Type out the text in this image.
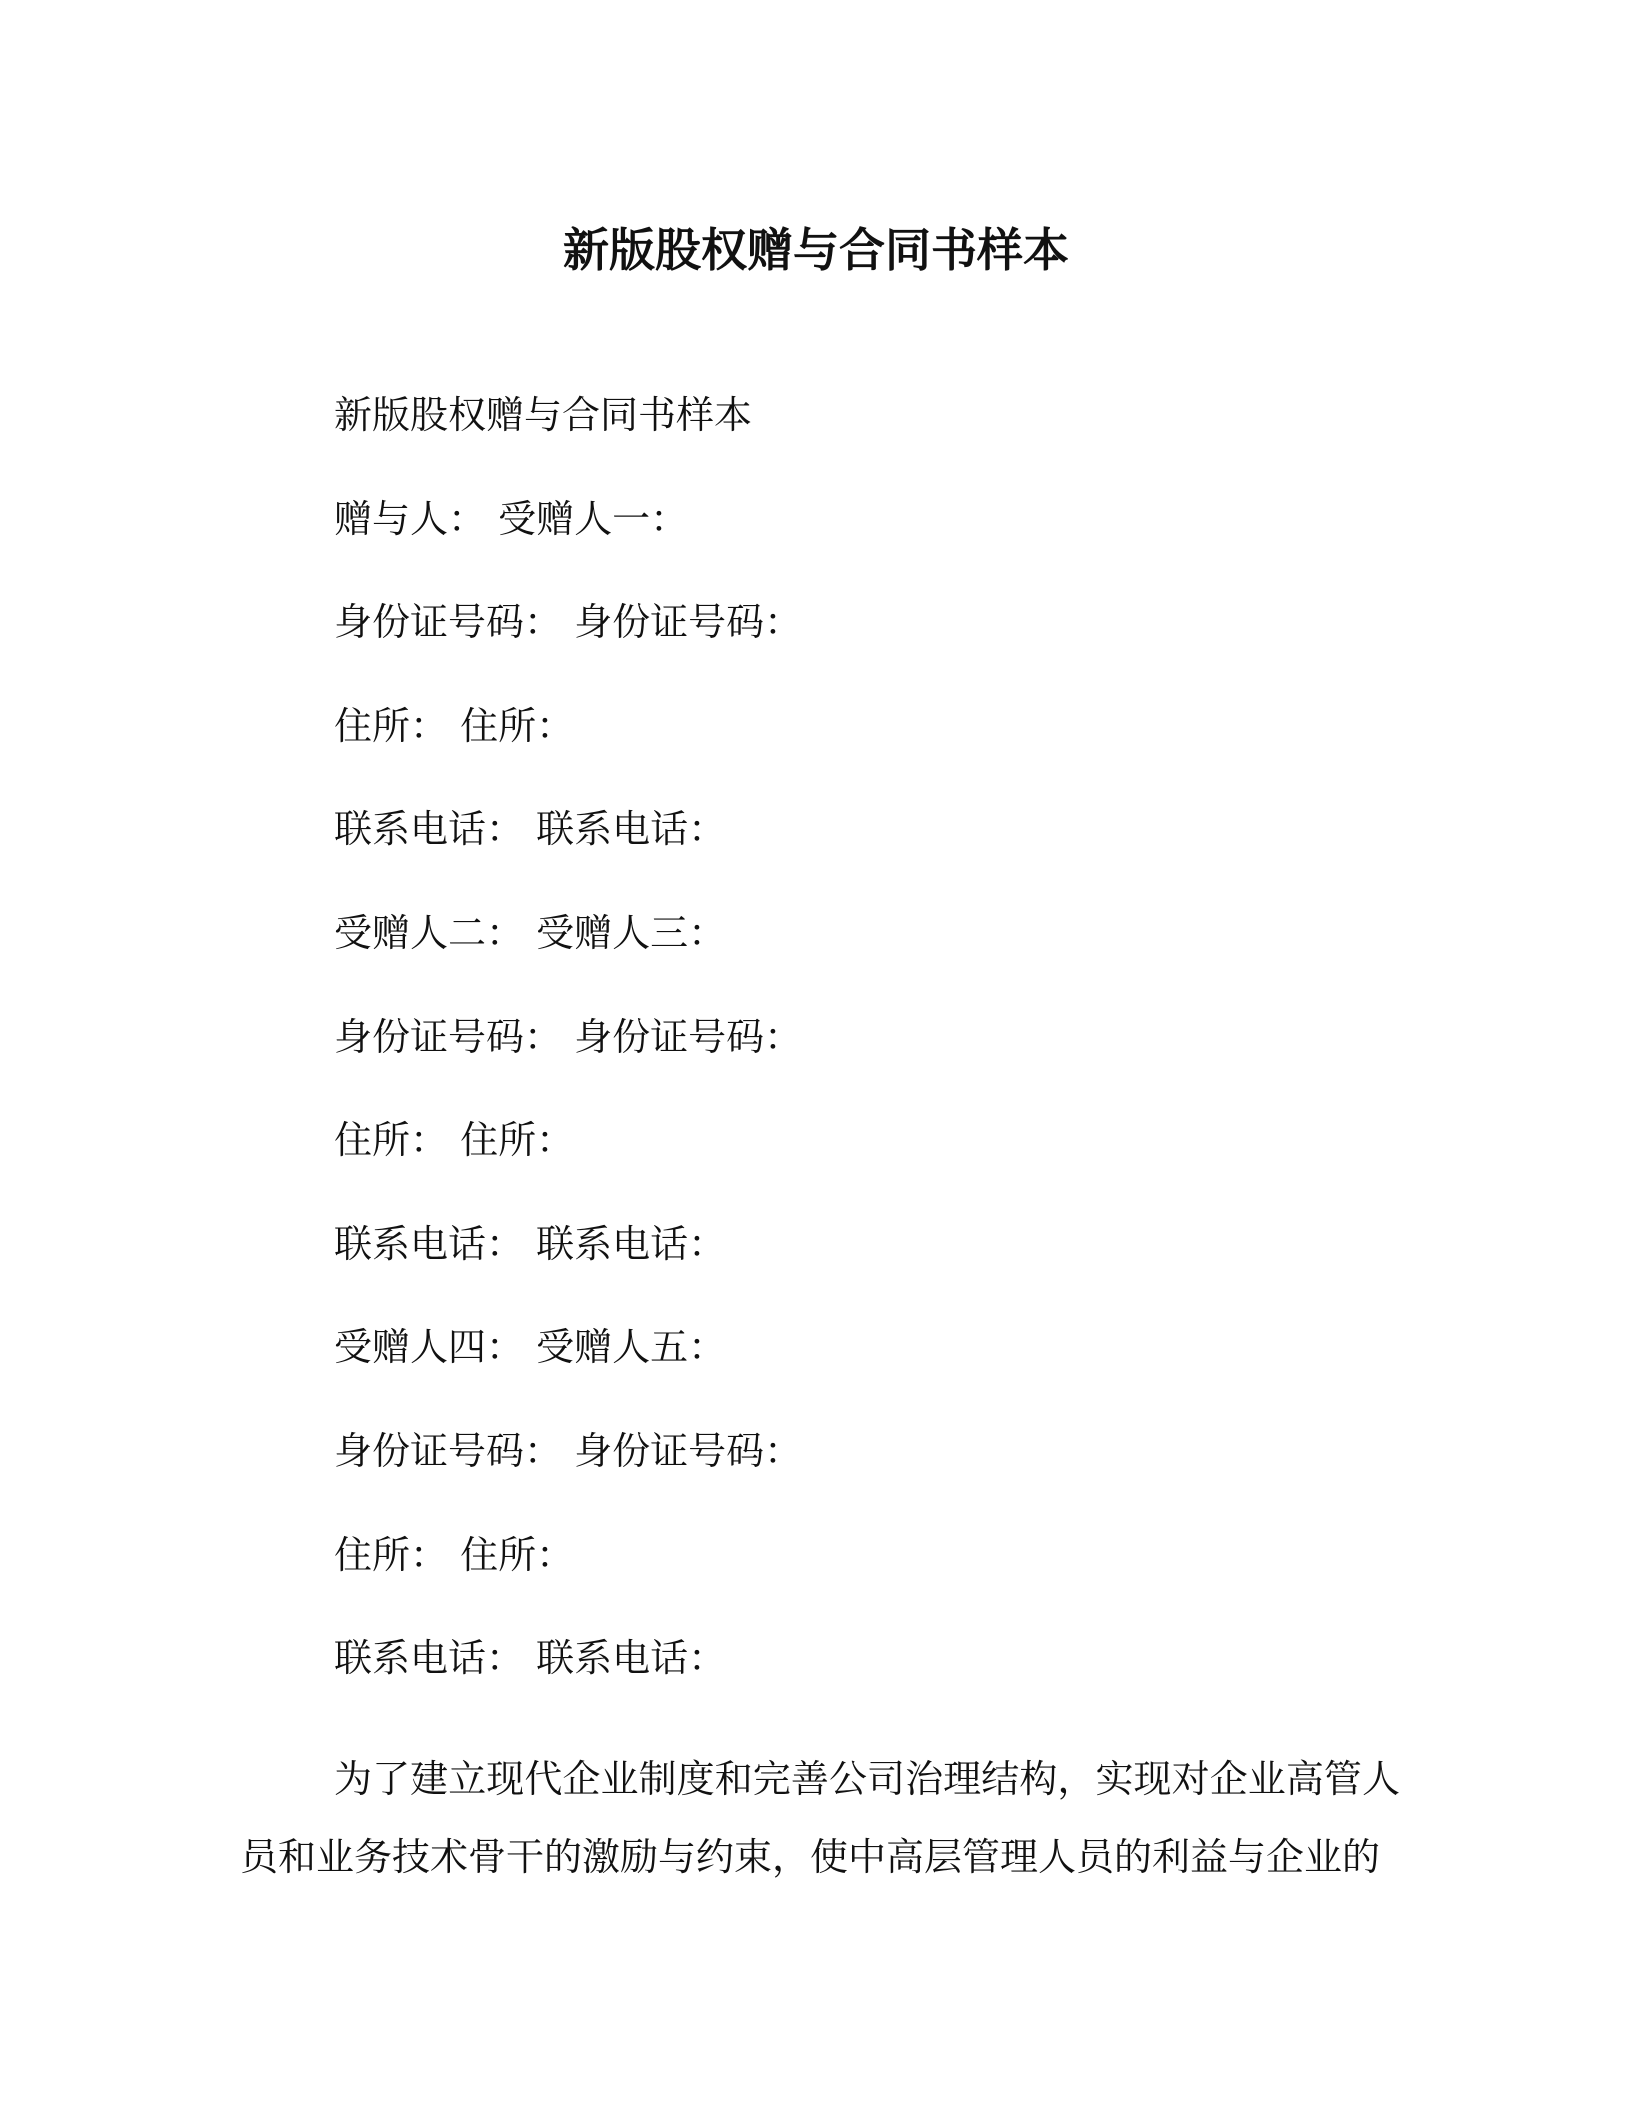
新版股权赠与合同书样本
新版股权赠与合同书样本
赠与人： 受赠人一：
身份证号码： 身份证号码：
住所： 住所：
联系电话： 联系电话：
受赠人二： 受赠人三：
身份证号码： 身份证号码：
住所： 住所：
联系电话： 联系电话：
受赠人四： 受赠人五：
身份证号码： 身份证号码：
住所： 住所：
联系电话： 联系电话：
为了建立现代企业制度和完善公司治理结构，实现对企业高管人员和业务技术骨干的激励与约束，使中高层管理人员的利益与企业的
